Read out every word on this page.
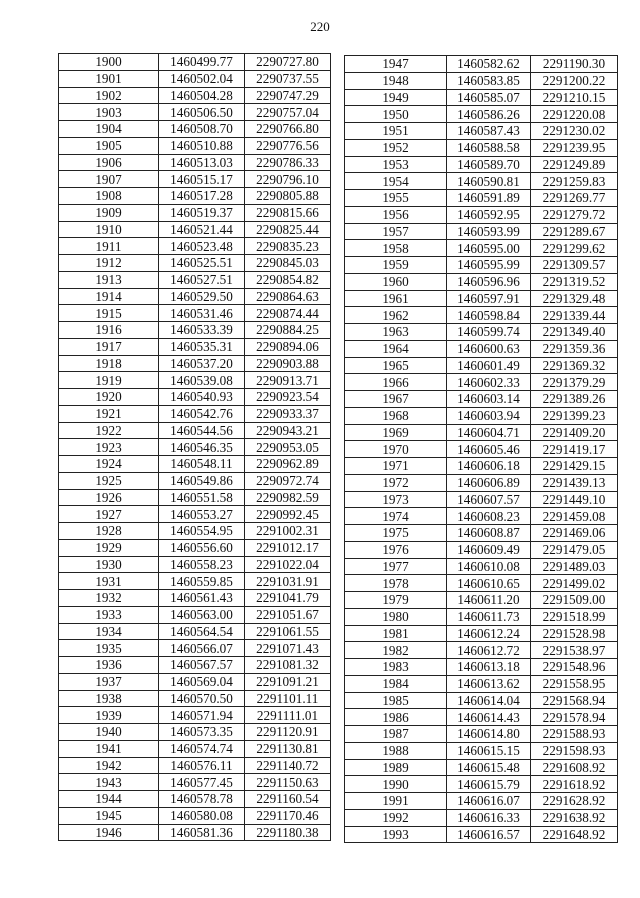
220
1900	1460499.77	2290727.80
1901	1460502.04	2290737.55
1902	1460504.28	2290747.29
1903	1460506.50	2290757.04
1904	1460508.70	2290766.80
1905	1460510.88	2290776.56
1906	1460513.03	2290786.33
1907	1460515.17	2290796.10
1908	1460517.28	2290805.88
1909	1460519.37	2290815.66
1910	1460521.44	2290825.44
1911	1460523.48	2290835.23
1912	1460525.51	2290845.03
1913	1460527.51	2290854.82
1914	1460529.50	2290864.63
1915	1460531.46	2290874.44
1916	1460533.39	2290884.25
1917	1460535.31	2290894.06
1918	1460537.20	2290903.88
1919	1460539.08	2290913.71
1920	1460540.93	2290923.54
1921	1460542.76	2290933.37
1922	1460544.56	2290943.21
1923	1460546.35	2290953.05
1924	1460548.11	2290962.89
1925	1460549.86	2290972.74
1926	1460551.58	2290982.59
1927	1460553.27	2290992.45
1928	1460554.95	2291002.31
1929	1460556.60	2291012.17
1930	1460558.23	2291022.04
1931	1460559.85	2291031.91
1932	1460561.43	2291041.79
1933	1460563.00	2291051.67
1934	1460564.54	2291061.55
1935	1460566.07	2291071.43
1936	1460567.57	2291081.32
1937	1460569.04	2291091.21
1938	1460570.50	2291101.11
1939	1460571.94	2291111.01
1940	1460573.35	2291120.91
1941	1460574.74	2291130.81
1942	1460576.11	2291140.72
1943	1460577.45	2291150.63
1944	1460578.78	2291160.54
1945	1460580.08	2291170.46
1946	1460581.36	2291180.38
1947	1460582.62	2291190.30
1948	1460583.85	2291200.22
1949	1460585.07	2291210.15
1950	1460586.26	2291220.08
1951	1460587.43	2291230.02
1952	1460588.58	2291239.95
1953	1460589.70	2291249.89
1954	1460590.81	2291259.83
1955	1460591.89	2291269.77
1956	1460592.95	2291279.72
1957	1460593.99	2291289.67
1958	1460595.00	2291299.62
1959	1460595.99	2291309.57
1960	1460596.96	2291319.52
1961	1460597.91	2291329.48
1962	1460598.84	2291339.44
1963	1460599.74	2291349.40
1964	1460600.63	2291359.36
1965	1460601.49	2291369.32
1966	1460602.33	2291379.29
1967	1460603.14	2291389.26
1968	1460603.94	2291399.23
1969	1460604.71	2291409.20
1970	1460605.46	2291419.17
1971	1460606.18	2291429.15
1972	1460606.89	2291439.13
1973	1460607.57	2291449.10
1974	1460608.23	2291459.08
1975	1460608.87	2291469.06
1976	1460609.49	2291479.05
1977	1460610.08	2291489.03
1978	1460610.65	2291499.02
1979	1460611.20	2291509.00
1980	1460611.73	2291518.99
1981	1460612.24	2291528.98
1982	1460612.72	2291538.97
1983	1460613.18	2291548.96
1984	1460613.62	2291558.95
1985	1460614.04	2291568.94
1986	1460614.43	2291578.94
1987	1460614.80	2291588.93
1988	1460615.15	2291598.93
1989	1460615.48	2291608.92
1990	1460615.79	2291618.92
1991	1460616.07	2291628.92
1992	1460616.33	2291638.92
1993	1460616.57	2291648.92
